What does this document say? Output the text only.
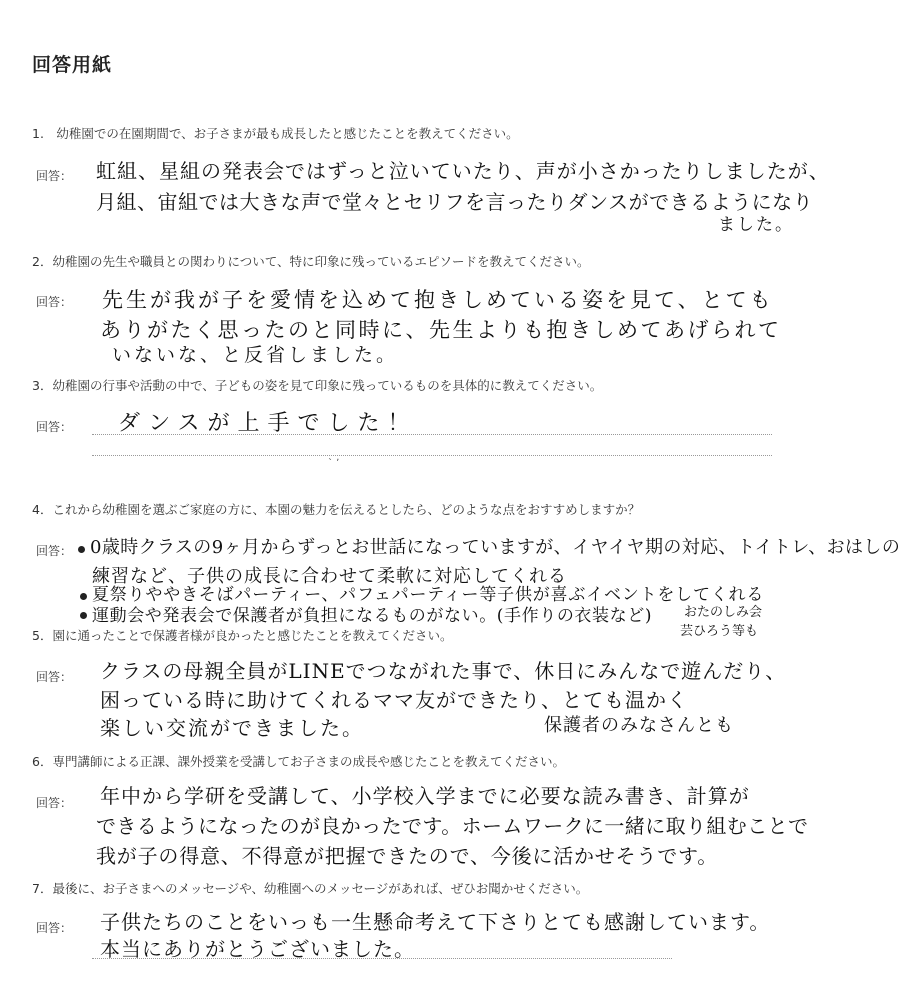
回答用紙
1.　幼稚園での在園期間で、お子さまが最も成長したと感じたことを教えてください。
回答： 虹組、星組の発表会ではずっと泣いていたり、声が小さかったりしましたが、
月組、宙組では大きな声で堂々とセリフを言ったりダンスができるようになり
ました。
2．幼稚園の先生や職員との関わりについて、特に印象に残っているエピソードを教えてください。
回答： 先生が我が子を愛情を込めて抱きしめている姿を見て、とても
ありがたく思ったのと同時に、先生よりも抱きしめてあげられて
いないな、と反省しました。
3．幼稚園の行事や活動の中で、子どもの姿を見て印象に残っているものを具体的に教えてください。
回答： ダンスが上手でした！
` ʼ
4．これから幼稚園を選ぶご家庭の方に、本園の魅力を伝えるとしたら、どのような点をおすすめしますか？
回答： 0歳時クラスの9ヶ月からずっとお世話になっていますが、イヤイヤ期の対応、トイトレ、おはしの
練習など、子供の成長に合わせて柔軟に対応してくれる
夏祭りややきそばパーティー、パフェパーティー等子供が喜ぶイベントをしてくれる
運動会や発表会で保護者が負担になるものがない。(手作りの衣装など) おたのしみ会
芸ひろう等も
5．園に通ったことで保護者様が良かったと感じたことを教えてください。
回答： クラスの母親全員がLINEでつながれた事で、休日にみんなで遊んだり、
困っている時に助けてくれるママ友ができたり、とても温かく
楽しい交流ができました。	保護者のみなさんとも
6．専門講師による正課、課外授業を受講してお子さまの成長や感じたことを教えてください。
回答： 年中から学研を受講して、小学校入学までに必要な読み書き、計算が
できるようになったのが良かったです。ホームワークに一緒に取り組むことで
我が子の得意、不得意が把握できたので、今後に活かせそうです。
7．最後に、お子さまへのメッセージや、幼稚園へのメッセージがあれば、ぜひお聞かせください。
回答： 子供たちのことをいっも一生懸命考えて下さりとても感謝しています。
本当にありがとうございました。
